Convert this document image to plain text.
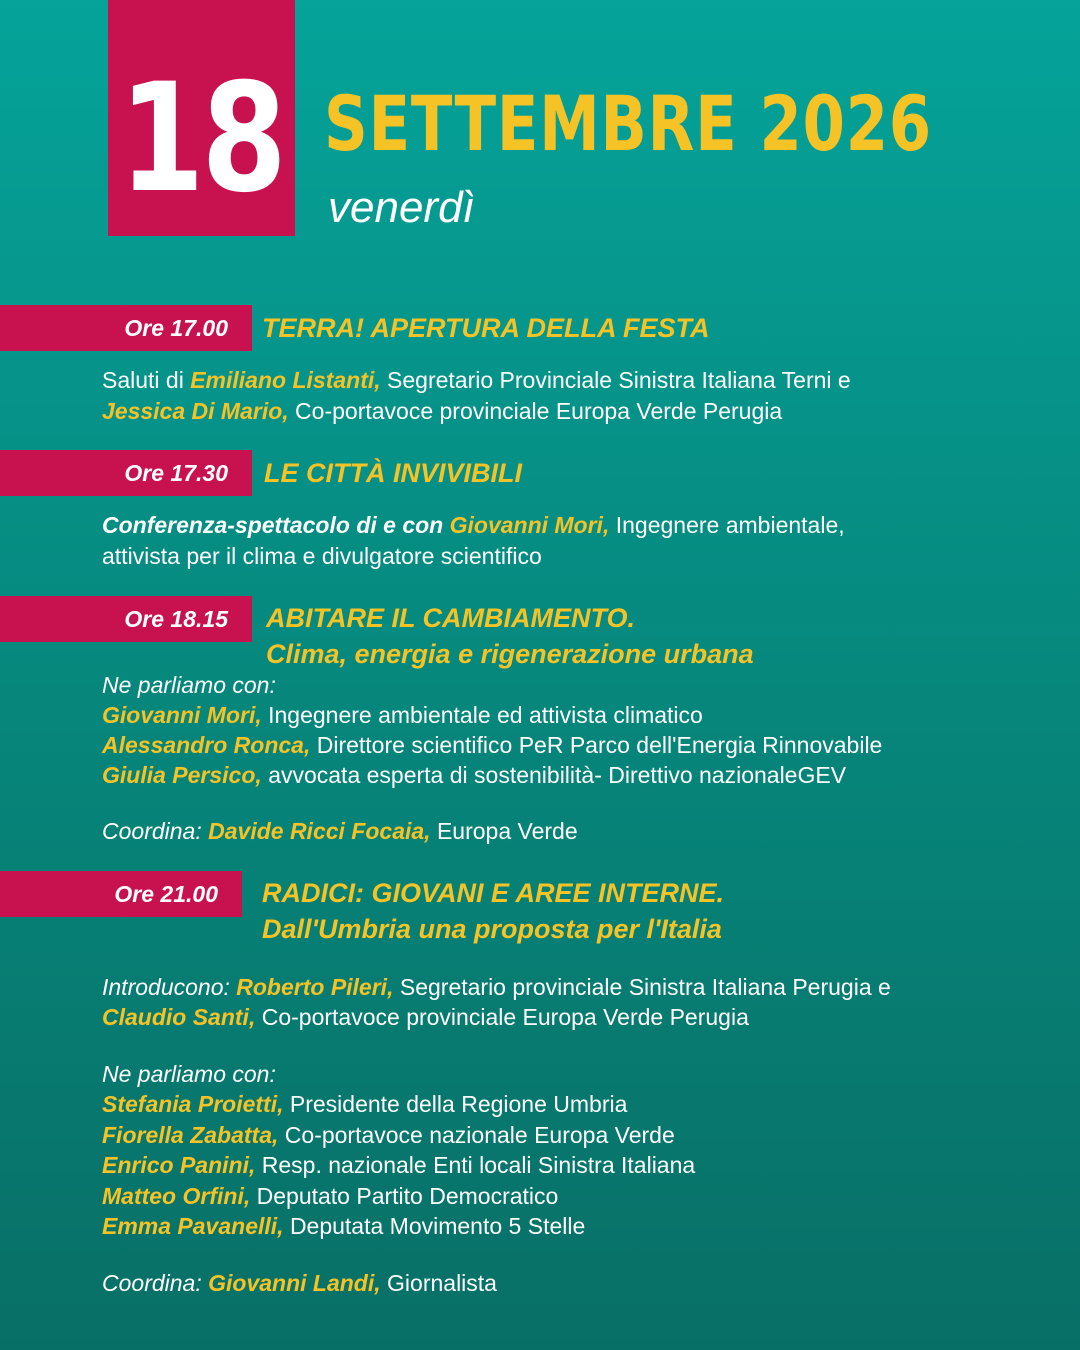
18 SETTEMBRE 2026
venerdì
Ore 17.00	TERRA! APERTURA DELLA FESTA
Saluti di Emiliano Listanti, Segretario Provinciale Sinistra Italiana Terni e
Jessica Di Mario, Co-portavoce provinciale Europa Verde Perugia
Ore 17.30	LE CITTÀ INVIVIBILI
Conferenza-spettacolo di e con Giovanni Mori, Ingegnere ambientale,
attivista per il clima e divulgatore scientifico
Ore 18.15	ABITARE IL CAMBIAMENTO.
Clima, energia e rigenerazione urbana
Ne parliamo con:
Giovanni Mori, Ingegnere ambientale ed attivista climatico
Alessandro Ronca, Direttore scientifico PeR Parco dell'Energia Rinnovabile
Giulia Persico, avvocata esperta di sostenibilità- Direttivo nazionaleGEV
Coordina: Davide Ricci Focaia, Europa Verde
Ore 21.00	RADICI: GIOVANI E AREE INTERNE.
Dall'Umbria una proposta per l'Italia
Introducono: Roberto Pileri, Segretario provinciale Sinistra Italiana Perugia e
Claudio Santi, Co-portavoce provinciale Europa Verde Perugia
Ne parliamo con:
Stefania Proietti, Presidente della Regione Umbria
Fiorella Zabatta, Co-portavoce nazionale Europa Verde
Enrico Panini, Resp. nazionale Enti locali Sinistra Italiana
Matteo Orfini, Deputato Partito Democratico
Emma Pavanelli, Deputata Movimento 5 Stelle
Coordina: Giovanni Landi, Giornalista
